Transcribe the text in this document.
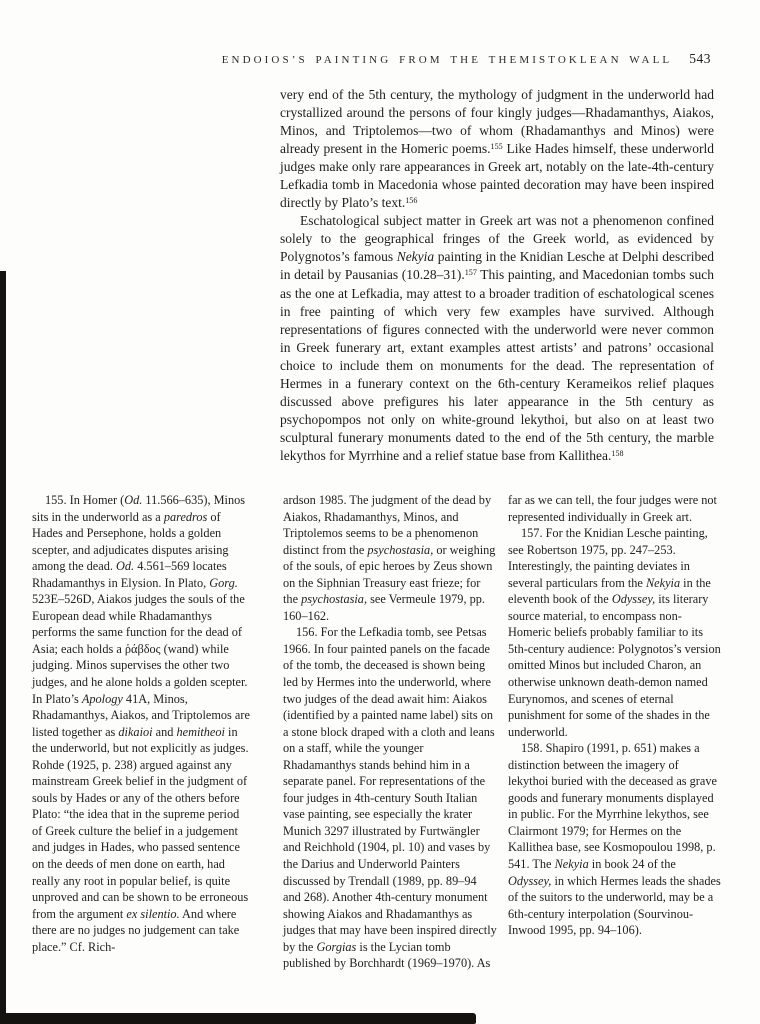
ENDOIOS’S PAINTING FROM THE THEMISTOKLEAN WALL 543

very end of the 5th century, the mythology of judgment in the underworld had crystallized around the persons of four kingly judges—Rhadamanthys, Aiakos, Minos, and Triptolemos—two of whom (Rhadamanthys and Minos) were already present in the Homeric poems.$^{155}$ Like Hades himself, these underworld judges make only rare appearances in Greek art, notably on the late-4th-century Lefkadia tomb in Macedonia whose painted decoration may have been inspired directly by Plato’s text.$^{156}$

Eschatological subject matter in Greek art was not a phenomenon confined solely to the geographical fringes of the Greek world, as evidenced by Polygnotos’s famous Nekyia painting in the Knidian Lesche at Delphi described in detail by Pausanias (10.28–31).$^{157}$ This painting, and Macedonian tombs such as the one at Lefkadia, may attest to a broader tradition of eschatological scenes in free painting of which very few examples have survived. Although representations of figures connected with the underworld were never common in Greek funerary art, extant examples attest artists’ and patrons’ occasional choice to include them on monuments for the dead. The representation of Hermes in a funerary context on the 6th-century Kerameikos relief plaques discussed above prefigures his later appearance in the 5th century as psychopompos not only on white-ground lekythoi, but also on at least two sculptural funerary monuments dated to the end of the 5th century, the marble lekythos for Myrrhine and a relief statue base from Kallithea.$^{158}$

155. In Homer (Od. 11.566–635), Minos sits in the underworld as a paredros of Hades and Persephone, holds a golden scepter, and adjudicates disputes arising among the dead. Od. 4.561–569 locates Rhadamanthys in Elysion. In Plato, Gorg. 523E–526D, Aiakos judges the souls of the European dead while Rhadamanthys performs the same function for the dead of Asia; each holds a ῥάβδος (wand) while judging. Minos supervises the other two judges, and he alone holds a golden scepter. In Plato’s Apology 41A, Minos, Rhadamanthys, Aiakos, and Triptolemos are listed together as dikaioi and hemitheoi in the underworld, but not explicitly as judges. Rohde (1925, p. 238) argued against any mainstream Greek belief in the judgment of souls by Hades or any of the others before Plato: “the idea that in the supreme period of Greek culture the belief in a judgement and judges in Hades, who passed sentence on the deeds of men done on earth, had really any root in popular belief, is quite unproved and can be shown to be erroneous from the argument ex silentio. And where there are no judges no judgement can take place.” Cf. Rich-

ardson 1985. The judgment of the dead by Aiakos, Rhadamanthys, Minos, and Triptolemos seems to be a phenomenon distinct from the psychostasia, or weighing of the souls, of epic heroes by Zeus shown on the Siphnian Treasury east frieze; for the psychostasia, see Vermeule 1979, pp. 160–162.

156. For the Lefkadia tomb, see Petsas 1966. In four painted panels on the facade of the tomb, the deceased is shown being led by Hermes into the underworld, where two judges of the dead await him: Aiakos (identified by a painted name label) sits on a stone block draped with a cloth and leans on a staff, while the younger Rhadamanthys stands behind him in a separate panel. For representations of the four judges in 4th-century South Italian vase painting, see especially the krater Munich 3297 illustrated by Furtwängler and Reichhold (1904, pl. 10) and vases by the Darius and Underworld Painters discussed by Trendall (1989, pp. 89–94 and 268). Another 4th-century monument showing Aiakos and Rhadamanthys as judges that may have been inspired directly by the Gorgias is the Lycian tomb published by Borchhardt (1969–1970). As

far as we can tell, the four judges were not represented individually in Greek art.

157. For the Knidian Lesche painting, see Robertson 1975, pp. 247–253. Interestingly, the painting deviates in several particulars from the Nekyia in the eleventh book of the Odyssey, its literary source material, to encompass non-Homeric beliefs probably familiar to its 5th-century audience: Polygnotos’s version omitted Minos but included Charon, an otherwise unknown death-demon named Eurynomos, and scenes of eternal punishment for some of the shades in the underworld.

158. Shapiro (1991, p. 651) makes a distinction between the imagery of lekythoi buried with the deceased as grave goods and funerary monuments displayed in public. For the Myrrhine lekythos, see Clairmont 1979; for Hermes on the Kallithea base, see Kosmopoulou 1998, p. 541. The Nekyia in book 24 of the Odyssey, in which Hermes leads the shades of the suitors to the underworld, may be a 6th-century interpolation (Sourvinou-Inwood 1995, pp. 94–106).
